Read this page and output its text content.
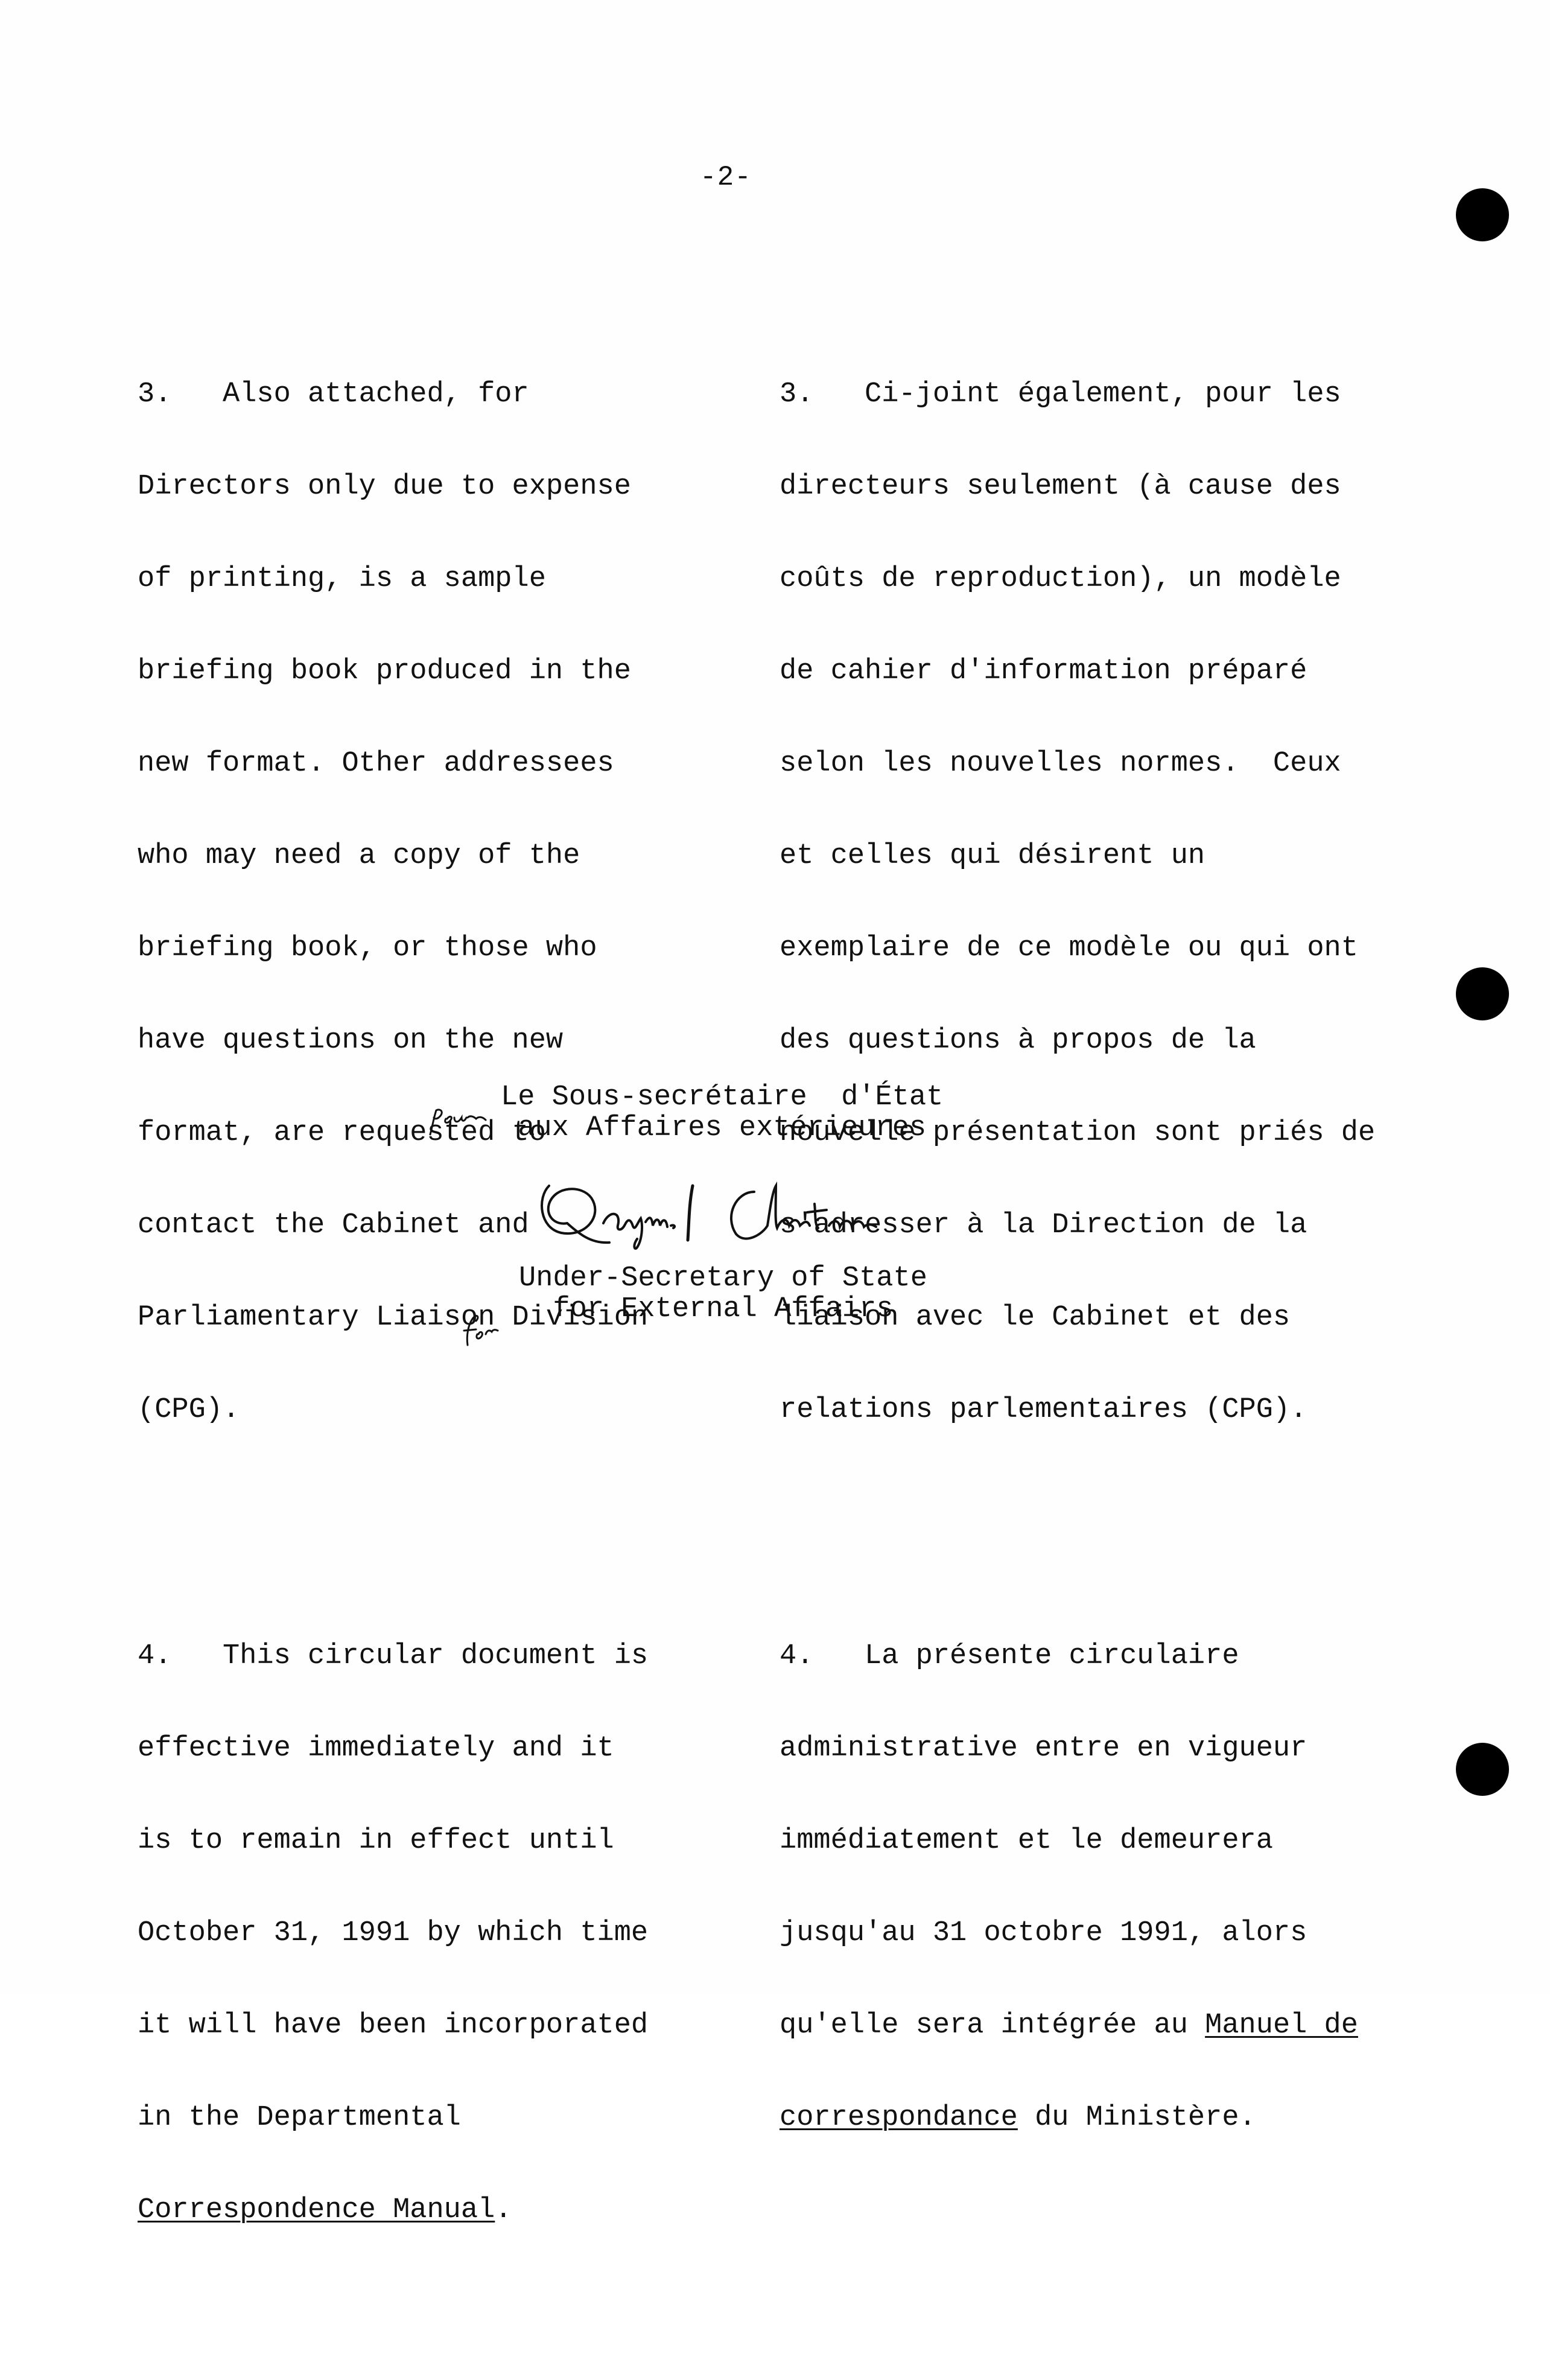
-2-

3.   Also attached, for

Directors only due to expense

of printing, is a sample

briefing book produced in the

new format. Other addressees

who may need a copy of the

briefing book, or those who

have questions on the new

format, are requested to

contact the Cabinet and

Parliamentary Liaison Division

(CPG).

4.   This circular document is

effective immediately and it

is to remain in effect until

October 31, 1991 by which time

it will have been incorporated

in the Departmental

Correspondence Manual.

3.   Ci-joint également, pour les

directeurs seulement (à cause des

coûts de reproduction), un modèle

de cahier d'information préparé

selon les nouvelles normes.  Ceux

et celles qui désirent un

exemplaire de ce modèle ou qui ont

des questions à propos de la

nouvelle présentation sont priés de

s'adresser à la Direction de la

liaison avec le Cabinet et des

relations parlementaires (CPG).

4.   La présente circulaire

administrative entre en vigueur

immédiatement et le demeurera

jusqu'au 31 octobre 1991, alors

qu'elle sera intégrée au Manuel de

correspondance du Ministère.

Le Sous-secrétaire  d'État
aux Affaires extérieures
Under-Secretary of State
for External Affairs
